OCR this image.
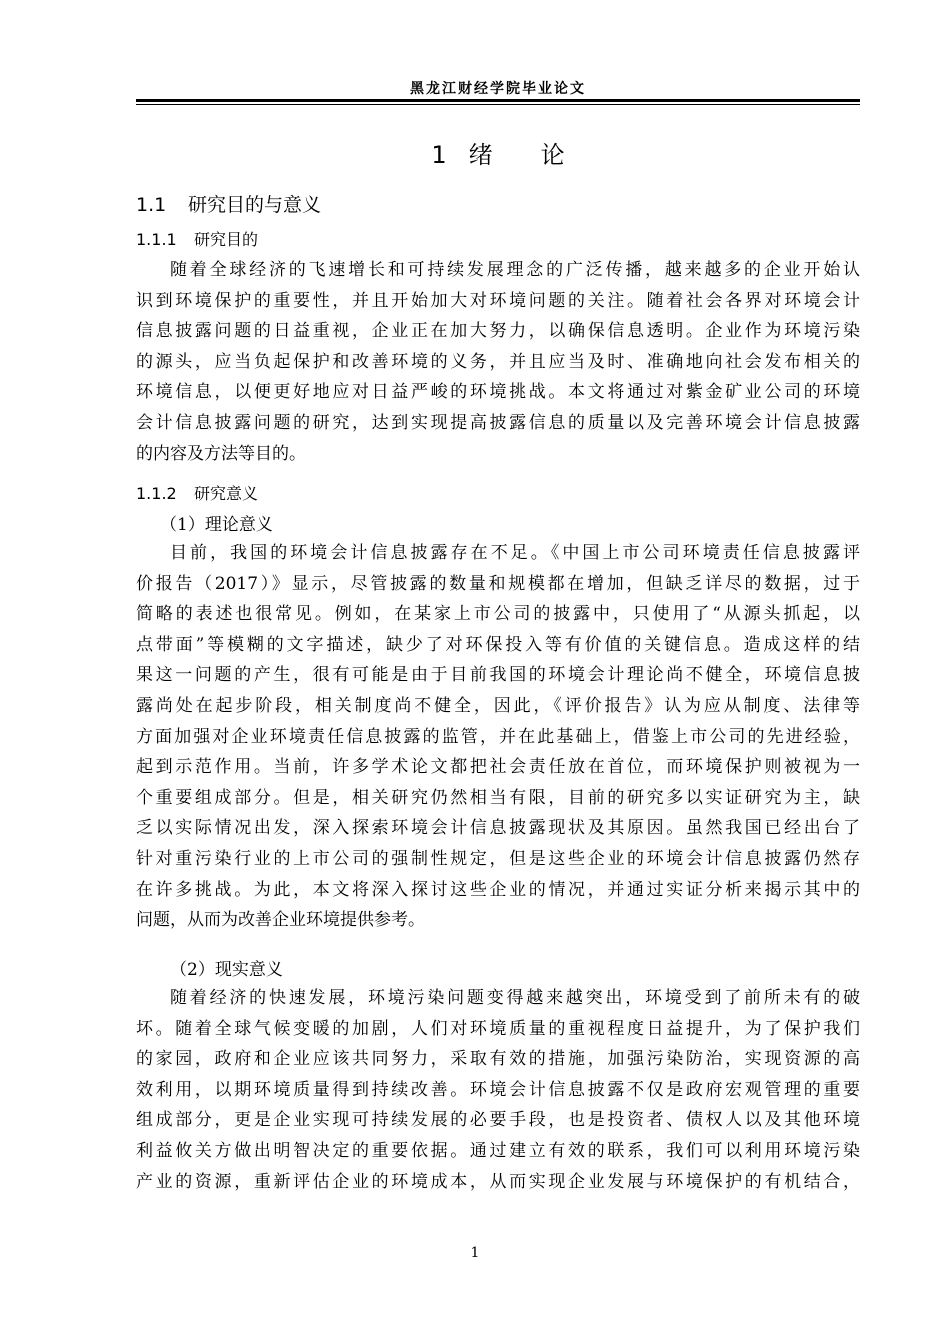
黑龙江财经学院毕业论文
1 绪 论
1.1 研究目的与意义
1.1.1 研究目的
随着全球经济的飞速增长和可持续发展理念的广泛传播，越来越多的企业开始认
识到环境保护的重要性，并且开始加大对环境问题的关注。随着社会各界对环境会计
信息披露问题的日益重视，企业正在加大努力，以确保信息透明。企业作为环境污染
的源头，应当负起保护和改善环境的义务，并且应当及时、准确地向社会发布相关的
环境信息，以便更好地应对日益严峻的环境挑战。本文将通过对紫金矿业公司的环境
会计信息披露问题的研究，达到实现提高披露信息的质量以及完善环境会计信息披露
的内容及方法等目的。
1.1.2 研究意义
（1）理论意义
目前，我国的环境会计信息披露存在不足。《中国上市公司环境责任信息披露评
价报告（2017）》显示，尽管披露的数量和规模都在增加，但缺乏详尽的数据，过于
简略的表述也很常见。例如，在某家上市公司的披露中，只使用了“从源头抓起，以
点带面”等模糊的文字描述，缺少了对环保投入等有价值的关键信息。造成这样的结
果这一问题的产生，很有可能是由于目前我国的环境会计理论尚不健全，环境信息披
露尚处在起步阶段，相关制度尚不健全，因此，《评价报告》认为应从制度、法律等
方面加强对企业环境责任信息披露的监管，并在此基础上，借鉴上市公司的先进经验，
起到示范作用。当前，许多学术论文都把社会责任放在首位，而环境保护则被视为一
个重要组成部分。但是，相关研究仍然相当有限，目前的研究多以实证研究为主，缺
乏以实际情况出发，深入探索环境会计信息披露现状及其原因。虽然我国已经出台了
针对重污染行业的上市公司的强制性规定，但是这些企业的环境会计信息披露仍然存
在许多挑战。为此，本文将深入探讨这些企业的情况，并通过实证分析来揭示其中的
问题，从而为改善企业环境提供参考。
（2）现实意义
随着经济的快速发展，环境污染问题变得越来越突出，环境受到了前所未有的破
坏。随着全球气候变暖的加剧，人们对环境质量的重视程度日益提升，为了保护我们
的家园，政府和企业应该共同努力，采取有效的措施，加强污染防治，实现资源的高
效利用，以期环境质量得到持续改善。环境会计信息披露不仅是政府宏观管理的重要
组成部分，更是企业实现可持续发展的必要手段，也是投资者、债权人以及其他环境
利益攸关方做出明智决定的重要依据。通过建立有效的联系，我们可以利用环境污染
产业的资源，重新评估企业的环境成本，从而实现企业发展与环境保护的有机结合，
1
